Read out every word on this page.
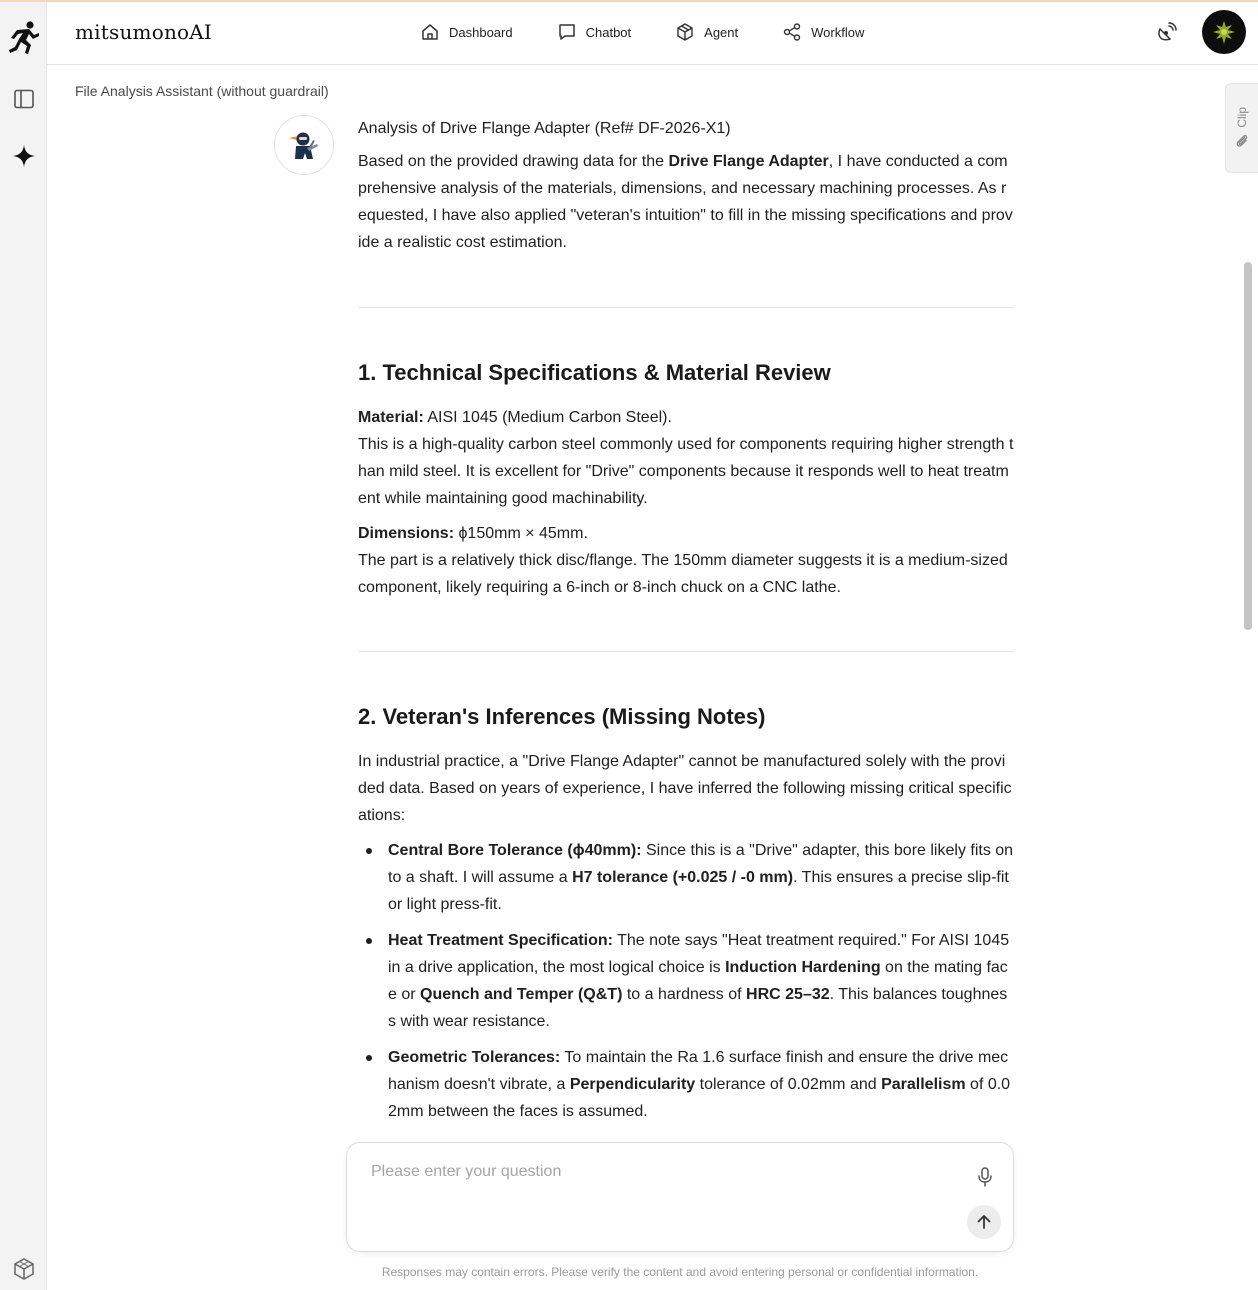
mitsumonoAI	Dashboard	Chatbot	Agent	Workflow
File Analysis Assistant (without guardrail)
Clip
Analysis of Drive Flange Adapter (Ref# DF-2026-X1)
Based on the provided drawing data for the Drive Flange Adapter, I have conducted a comprehensive analysis of the materials, dimensions, and necessary machining processes. As requested, I have also applied "veteran's intuition" to fill in the missing specifications and provide a realistic cost estimation.
1. Technical Specifications & Material Review
Material: AISI 1045 (Medium Carbon Steel).
This is a high-quality carbon steel commonly used for components requiring higher strength than mild steel. It is excellent for "Drive" components because it responds well to heat treatment while maintaining good machinability.
Dimensions: ϕ150mm × 45mm.
The part is a relatively thick disc/flange. The 150mm diameter suggests it is a medium-sized component, likely requiring a 6-inch or 8-inch chuck on a CNC lathe.
2. Veteran's Inferences (Missing Notes)
In industrial practice, a "Drive Flange Adapter" cannot be manufactured solely with the provided data. Based on years of experience, I have inferred the following missing critical specifications:
Central Bore Tolerance (ϕ40mm): Since this is a "Drive" adapter, this bore likely fits onto a shaft. I will assume a H7 tolerance (+0.025 / -0 mm). This ensures a precise slip-fit or light press-fit.
Heat Treatment Specification: The note says "Heat treatment required." For AISI 1045 in a drive application, the most logical choice is Induction Hardening on the mating face or Quench and Temper (Q&T) to a hardness of HRC 25–32. This balances toughness with wear resistance.
Geometric Tolerances: To maintain the Ra 1.6 surface finish and ensure the drive mechanism doesn't vibrate, a Perpendicularity tolerance of 0.02mm and Parallelism of 0.02mm between the faces is assumed.
Please enter your question
Responses may contain errors. Please verify the content and avoid entering personal or confidential information.
